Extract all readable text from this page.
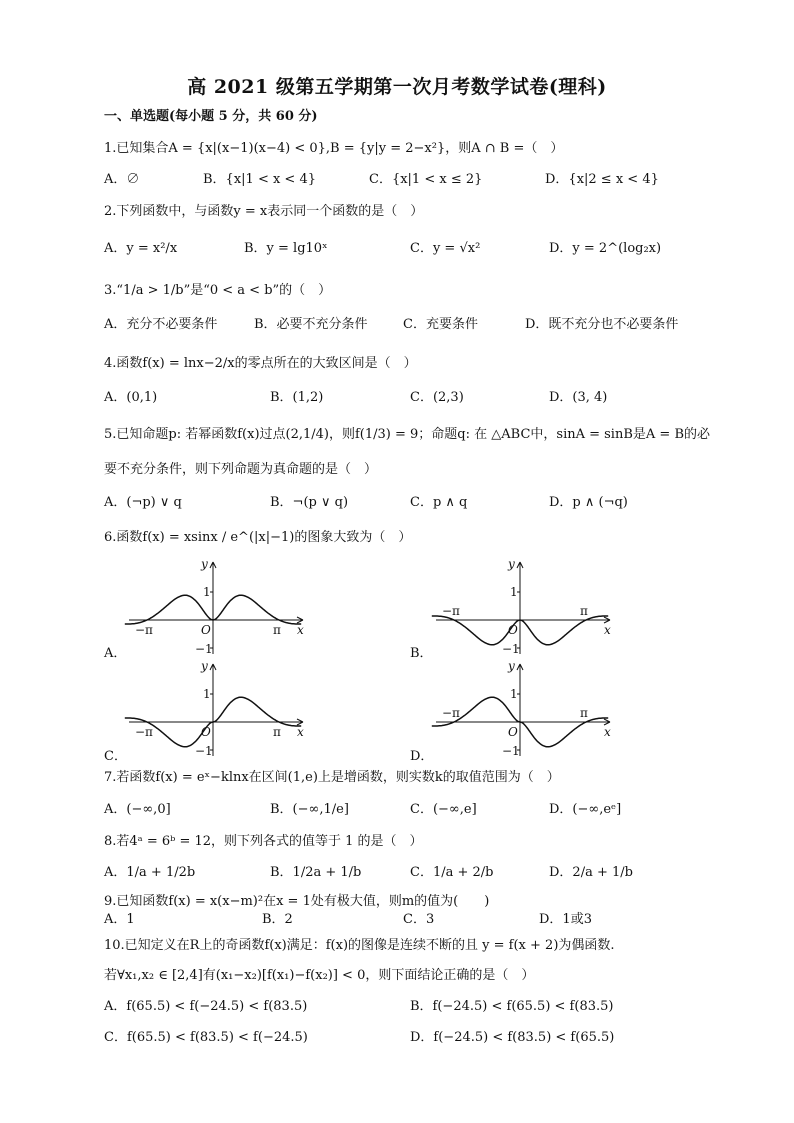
高 2021 级第五学期第一次月考数学试卷(理科)
一、单选题(每小题 5 分，共 60 分)
1.已知集合A = {x|(x−1)(x−4) < 0},B = {y|y = 2−x²}，则A ∩ B =（　）
A．∅	B．{x|1 < x < 4}	C．{x|1 < x ≤ 2}	D．{x|2 ≤ x < 4}
2.下列函数中，与函数y = x表示同一个函数的是（　）
A．y = x²/x	B．y = lg10ˣ	C．y = √x²	D．y = 2^(log₂x)
3.“1/a > 1/b”是“0 < a < b”的（　）
A．充分不必要条件	B．必要不充分条件	C．充要条件	D．既不充分也不必要条件
4.函数f(x) = lnx−2/x的零点所在的大致区间是（　）
A．(0,1)	B．(1,2)	C．(2,3)	D．(3, 4)
5.已知命题p: 若幂函数f(x)过点(2,1/4)，则f(1/3) = 9；命题q: 在 △ABC中，sinA = sinB是A = B的必
要不充分条件，则下列命题为真命题的是（　）
A．(¬p) ∨ q	B．¬(p ∨ q)	C．p ∧ q	D．p ∧ (¬q)
6.函数f(x) = xsinx / e^(|x|−1)的图象大致为（　）
A．	B．
C．	D．
y
x
O
1
−1
π
−π
y
x
O
1
−1
π
−π
y
x
O
1
−1
π
−π
y
x
O
1
−1
π
−π
7.若函数f(x) = eˣ−klnx在区间(1,e)上是增函数，则实数k的取值范围为（　）
A．(−∞,0]	B．(−∞,1/e]	C．(−∞,e]	D．(−∞,eᵉ]
8.若4ᵃ = 6ᵇ = 12，则下列各式的值等于 1 的是（　）
A．1/a + 1/2b	B．1/2a + 1/b	C．1/a + 2/b	D．2/a + 1/b
9.已知函数f(x) = x(x−m)²在x = 1处有极大值，则m的值为(　　)
A．1	B．2	C．3	D．1或3
10.已知定义在R上的奇函数f(x)满足：f(x)的图像是连续不断的且 y = f(x + 2)为偶函数.
若∀x₁,x₂ ∈ [2,4]有(x₁−x₂)[f(x₁)−f(x₂)] < 0，则下面结论正确的是（　）
A．f(65.5) < f(−24.5) < f(83.5)	B．f(−24.5) < f(65.5) < f(83.5)
C．f(65.5) < f(83.5) < f(−24.5)	D．f(−24.5) < f(83.5) < f(65.5)
